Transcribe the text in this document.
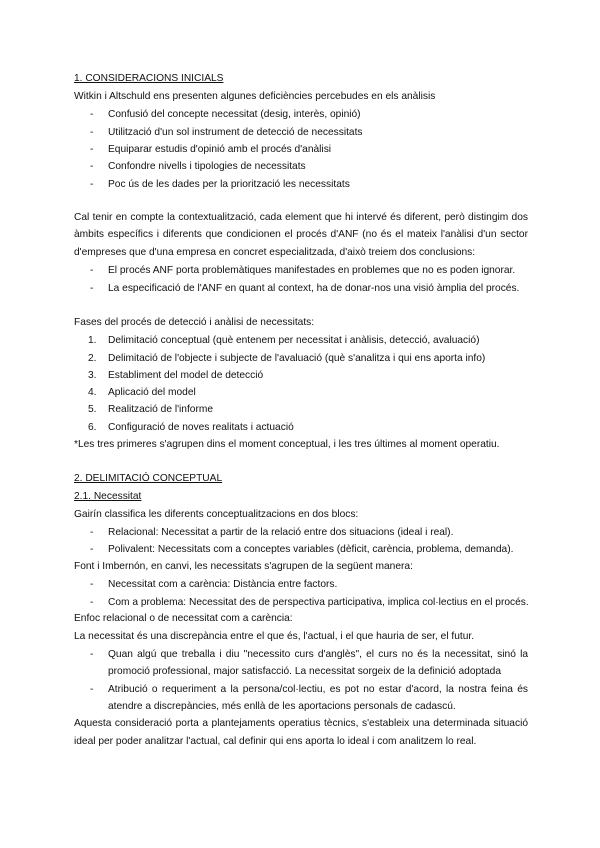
1. CONSIDERACIONS INICIALS
Witkin i Altschuld ens presenten algunes deficiències percebudes en els anàlisis
- Confusió del concepte necessitat (desig, interès, opinió)
- Utilització d'un sol instrument de detecció de necessitats
- Equiparar estudis d'opinió amb el procés d'anàlisi
- Confondre nivells i tipologies de necessitats
- Poc ús de les dades per la priorització les necessitats
Cal tenir en compte la contextualització, cada element que hi intervé és diferent, però distingim dos
àmbits específics i diferents que condicionen el procés d'ANF (no és el mateix l'anàlisi d'un sector
d'empreses que d'una empresa en concret especialitzada, d'això treiem dos conclusions:
- El procés ANF porta problemàtiques manifestades en problemes que no es poden ignorar.
- La especificació de l'ANF en quant al context, ha de donar-nos una visió àmplia del procés.
Fases del procés de detecció i anàlisi de necessitats:
1. Delimitació conceptual (què entenem per necessitat i anàlisis, detecció, avaluació)
2. Delimitació de l'objecte i subjecte de l'avaluació (què s'analitza i qui ens aporta info)
3. Establiment del model de detecció
4. Aplicació del model
5. Realització de l'informe
6. Configuració de noves realitats i actuació
*Les tres primeres s'agrupen dins el moment conceptual, i les tres últimes al moment operatiu.
2. DELIMITACIÓ CONCEPTUAL
2.1. Necessitat
Gairín classifica les diferents conceptualitzacions en dos blocs:
- Relacional: Necessitat a partir de la relació entre dos situacions (ideal i real).
- Polivalent: Necessitats com a conceptes variables (dèficit, carència, problema, demanda).
Font i Imbernón, en canvi, les necessitats s'agrupen de la següent manera:
- Necessitat com a carència: Distància entre factors.
- Com a problema: Necessitat des de perspectiva participativa, implica col·lectius en el procés.
Enfoc relacional o de necessitat com a carència:
La necessitat és una discrepància entre el que és, l'actual, i el que hauria de ser, el futur.
- Quan algú que treballa i diu "necessito curs d'anglès", el curs no és la necessitat, sinó la
promoció professional, major satisfacció. La necessitat sorgeix de la definició adoptada
- Atribució o requeriment a la persona/col·lectiu, es pot no estar d'acord, la nostra feina és
atendre a discrepàncies, més enllà de les aportacions personals de cadascú.
Aquesta consideració porta a plantejaments operatius tècnics, s'estableix una determinada situació
ideal per poder analitzar l'actual, cal definir qui ens aporta lo ideal i com analitzem lo real.
